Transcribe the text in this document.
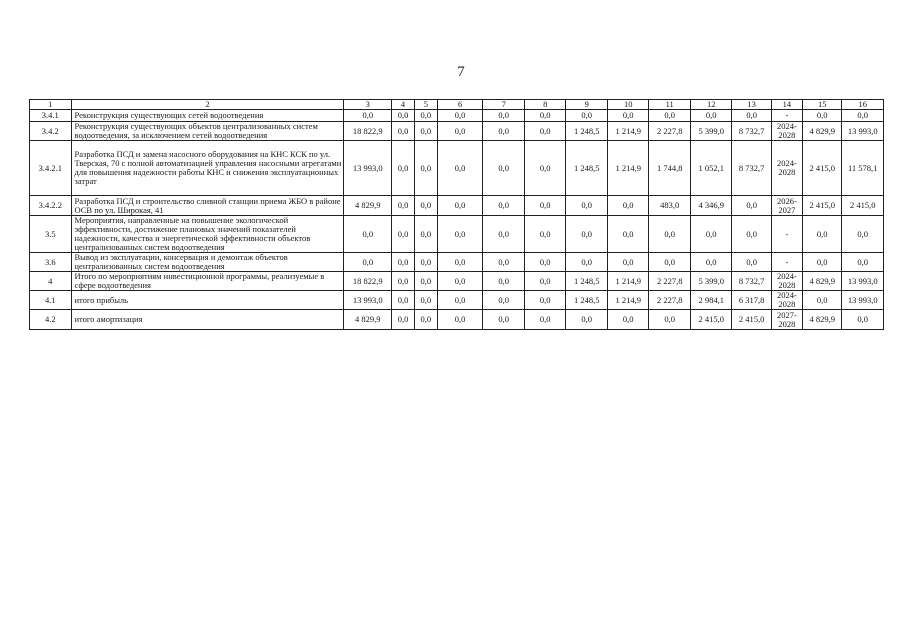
7
1	2	3	4	5	6	7	8	9	10	11	12	13	14	15	16
3.4.1	Реконструкция существующих сетей водоотведения	0,0	0,0	0,0	0,0	0,0	0,0	0,0	0,0	0,0	0,0	0,0	-	0,0	0,0
3.4.2	Реконструкция существующих объектов централизованных систем водоотведения, за исключением сетей водоотведения	18 822,9	0,0	0,0	0,0	0,0	0,0	1 248,5	1 214,9	2 227,8	5 399,0	8 732,7	2024-2028	4 829,9	13 993,0
3.4.2.1	Разработка ПСД и замена насосного оборудования на КНС КСК по ул. Тверская, 70 с полной автоматизацией управления насосными агрегатами для повышения надежности работы КНС и снижения эксплуатационных затрат	13 993,0	0,0	0,0	0,0	0,0	0,0	1 248,5	1 214,9	1 744,8	1 052,1	8 732,7	2024-2028	2 415,0	11 578,1
3.4.2.2	Разработка ПСД и строительство сливной станции приема ЖБО в районе ОСВ по ул. Широкая, 41	4 829,9	0,0	0,0	0,0	0,0	0,0	0,0	0,0	483,0	4 346,9	0,0	2026-2027	2 415,0	2 415,0
3.5	Мероприятия, направленные на повышение экологической эффективности, достижение плановых значений показателей надежности, качества и энергетической эффективности объектов централизованных систем водоотведения	0,0	0,0	0,0	0,0	0,0	0,0	0,0	0,0	0,0	0,0	0,0	-	0,0	0,0
3.6	Вывод из эксплуатации, консервация и демонтаж объектов централизованных систем водоотведения	0,0	0,0	0,0	0,0	0,0	0,0	0,0	0,0	0,0	0,0	0,0	-	0,0	0,0
4	Итого по мероприятиям инвестиционной программы, реализуемые в сфере водоотведения	18 822,9	0,0	0,0	0,0	0,0	0,0	1 248,5	1 214,9	2 227,8	5 399,0	8 732,7	2024-2028	4 829,9	13 993,0
4.1	итого прибыль	13 993,0	0,0	0,0	0,0	0,0	0,0	1 248,5	1 214,9	2 227,8	2 984,1	6 317,8	2024-2028	0,0	13 993,0
4.2	итого амортизация	4 829,9	0,0	0,0	0,0	0,0	0,0	0,0	0,0	0,0	2 415,0	2 415,0	2027-2028	4 829,9	0,0
